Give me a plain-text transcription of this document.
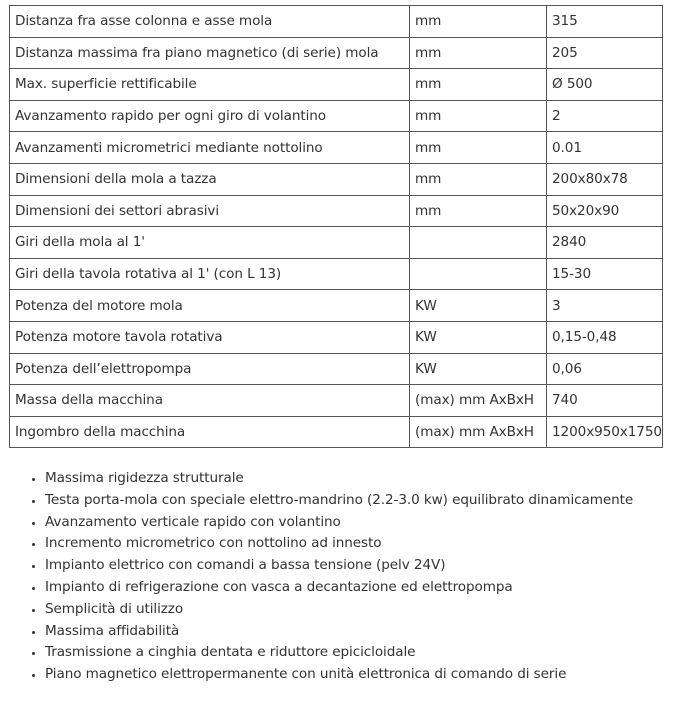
Distanza fra asse colonna e asse mola	mm	315
Distanza massima fra piano magnetico (di serie) mola	mm	205
Max. superficie rettificabile	mm	Ø 500
Avanzamento rapido per ogni giro di volantino	mm	2
Avanzamenti micrometrici mediante nottolino	mm	0.01
Dimensioni della mola a tazza	mm	200x80x78
Dimensioni dei settori abrasivi	mm	50x20x90
Giri della mola al 1'		2840
Giri della tavola rotativa al 1' (con L 13)		15-30
Potenza del motore mola	KW	3
Potenza motore tavola rotativa	KW	0,15-0,48
Potenza dell’elettropompa	KW	0,06
Massa della macchina	(max) mm AxBxH	740
Ingombro della macchina	(max) mm AxBxH	1200x950x1750
• Massima rigidezza strutturale
• Testa porta-mola con speciale elettro-mandrino (2.2-3.0 kw) equilibrato dinamicamente
• Avanzamento verticale rapido con volantino
• Incremento micrometrico con nottolino ad innesto
• Impianto elettrico con comandi a bassa tensione (pelv 24V)
• Impianto di refrigerazione con vasca a decantazione ed elettropompa
• Semplicità di utilizzo
• Massima affidabilità
• Trasmissione a cinghia dentata e riduttore epicicloidale
• Piano magnetico elettropermanente con unità elettronica di comando di serie
